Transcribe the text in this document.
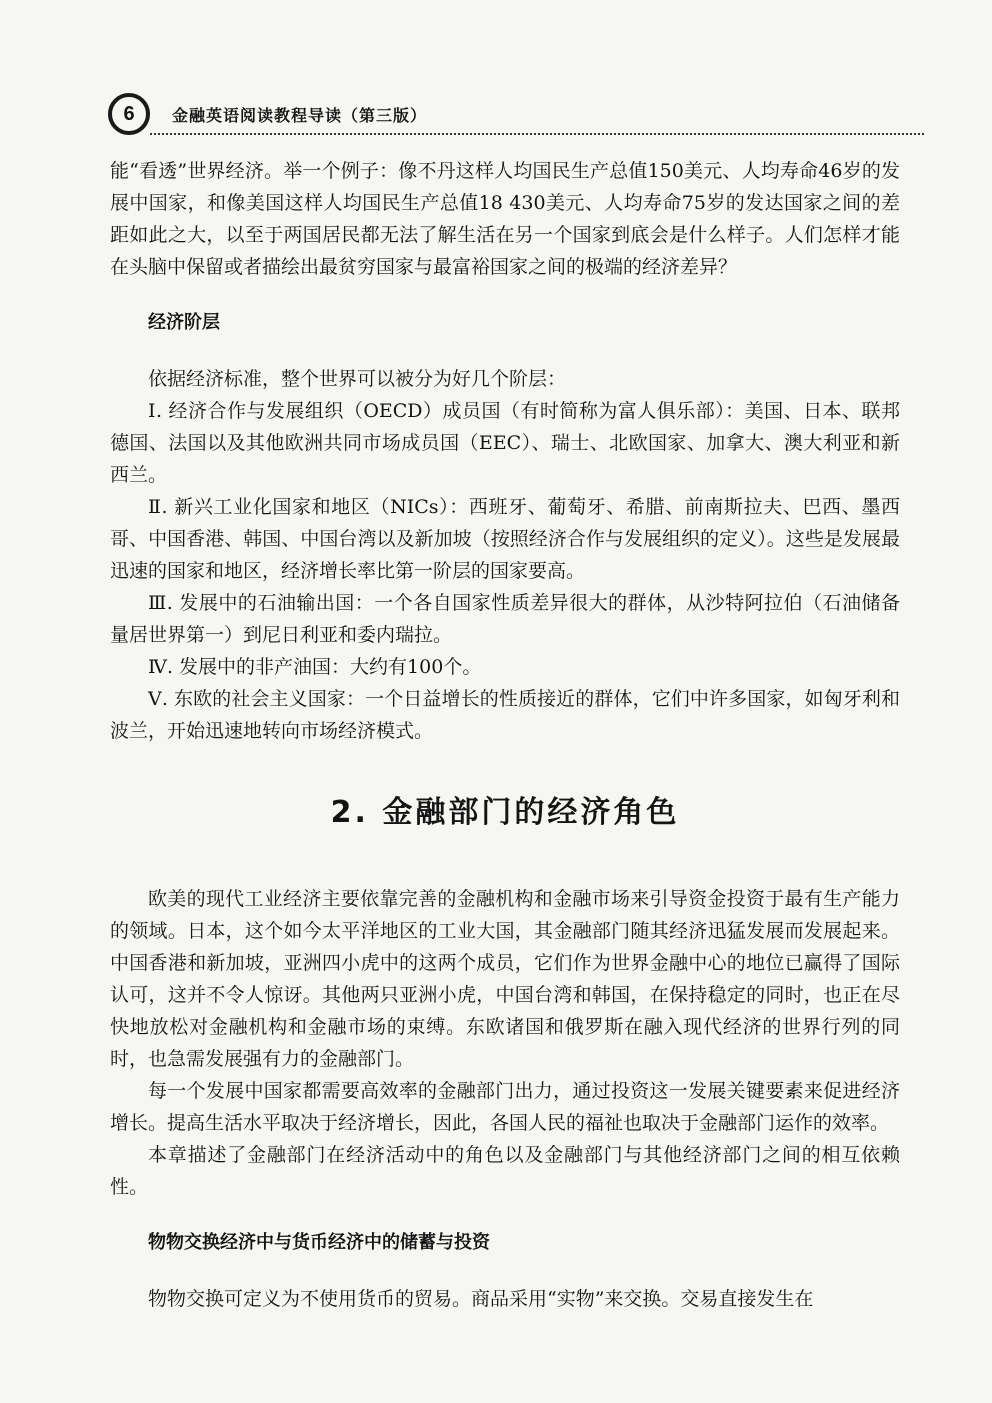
6	金融英语阅读教程导读（第三版）

能“看透”世界经济。举一个例子：像不丹这样人均国民生产总值150美元、人均寿命46岁的发展中国家，和像美国这样人均国民生产总值18 430美元、人均寿命75岁的发达国家之间的差距如此之大，以至于两国居民都无法了解生活在另一个国家到底会是什么样子。人们怎样才能在头脑中保留或者描绘出最贫穷国家与最富裕国家之间的极端的经济差异？

经济阶层

依据经济标准，整个世界可以被分为好几个阶层：

Ⅰ. 经济合作与发展组织（OECD）成员国（有时简称为富人俱乐部）：美国、日本、联邦德国、法国以及其他欧洲共同市场成员国（EEC）、瑞士、北欧国家、加拿大、澳大利亚和新西兰。

Ⅱ. 新兴工业化国家和地区（NICs）：西班牙、葡萄牙、希腊、前南斯拉夫、巴西、墨西哥、中国香港、韩国、中国台湾以及新加坡（按照经济合作与发展组织的定义）。这些是发展最迅速的国家和地区，经济增长率比第一阶层的国家要高。

Ⅲ. 发展中的石油输出国：一个各自国家性质差异很大的群体，从沙特阿拉伯（石油储备量居世界第一）到尼日利亚和委内瑞拉。

Ⅳ. 发展中的非产油国：大约有100个。

Ⅴ. 东欧的社会主义国家：一个日益增长的性质接近的群体，它们中许多国家，如匈牙利和波兰，开始迅速地转向市场经济模式。

2. 金融部门的经济角色

欧美的现代工业经济主要依靠完善的金融机构和金融市场来引导资金投资于最有生产能力的领域。日本，这个如今太平洋地区的工业大国，其金融部门随其经济迅猛发展而发展起来。中国香港和新加坡，亚洲四小虎中的这两个成员，它们作为世界金融中心的地位已赢得了国际认可，这并不令人惊讶。其他两只亚洲小虎，中国台湾和韩国，在保持稳定的同时，也正在尽快地放松对金融机构和金融市场的束缚。东欧诸国和俄罗斯在融入现代经济的世界行列的同时，也急需发展强有力的金融部门。

每一个发展中国家都需要高效率的金融部门出力，通过投资这一发展关键要素来促进经济增长。提高生活水平取决于经济增长，因此，各国人民的福祉也取决于金融部门运作的效率。

本章描述了金融部门在经济活动中的角色以及金融部门与其他经济部门之间的相互依赖性。

物物交换经济中与货币经济中的储蓄与投资

物物交换可定义为不使用货币的贸易。商品采用“实物”来交换。交易直接发生在
